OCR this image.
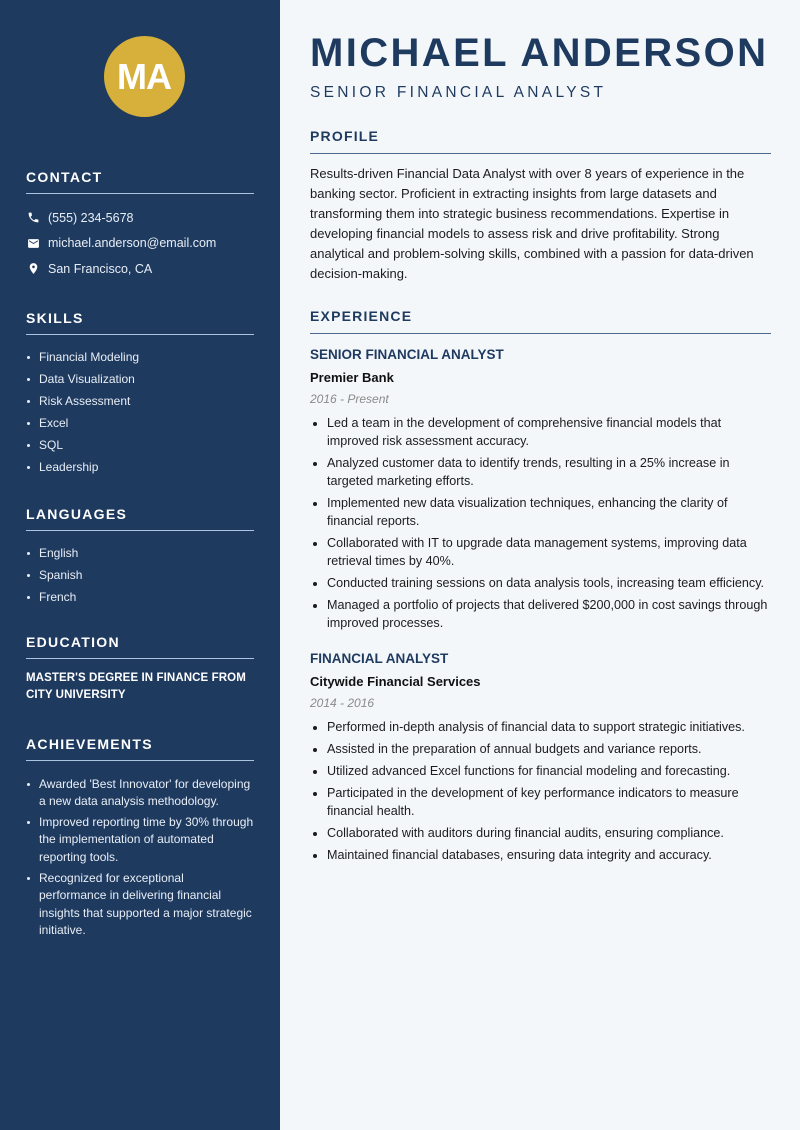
MA
CONTACT
(555) 234-5678
michael.anderson@email.com
San Francisco, CA
SKILLS
Financial Modeling
Data Visualization
Risk Assessment
Excel
SQL
Leadership
LANGUAGES
English
Spanish
French
EDUCATION

MASTER'S DEGREE IN FINANCE FROM CITY UNIVERSITY

ACHIEVEMENTS
Awarded 'Best Innovator' for developing a new data analysis methodology.
Improved reporting time by 30% through the implementation of automated reporting tools.
Recognized for exceptional performance in delivering financial insights that supported a major strategic initiative.
MICHAEL ANDERSON
SENIOR FINANCIAL ANALYST
PROFILE

Results-driven Financial Data Analyst with over 8 years of experience in the banking sector. Proficient in extracting insights from large datasets and transforming them into strategic business recommendations. Expertise in developing financial models to assess risk and drive profitability. Strong analytical and problem-solving skills, combined with a passion for data-driven decision-making.

EXPERIENCE
SENIOR FINANCIAL ANALYST
Premier Bank
2016 - Present
Led a team in the development of comprehensive financial models that improved risk assessment accuracy.
Analyzed customer data to identify trends, resulting in a 25% increase in targeted marketing efforts.
Implemented new data visualization techniques, enhancing the clarity of financial reports.
Collaborated with IT to upgrade data management systems, improving data retrieval times by 40%.
Conducted training sessions on data analysis tools, increasing team efficiency.
Managed a portfolio of projects that delivered $200,000 in cost savings through improved processes.
FINANCIAL ANALYST
Citywide Financial Services
2014 - 2016
Performed in-depth analysis of financial data to support strategic initiatives.
Assisted in the preparation of annual budgets and variance reports.
Utilized advanced Excel functions for financial modeling and forecasting.
Participated in the development of key performance indicators to measure financial health.
Collaborated with auditors during financial audits, ensuring compliance.
Maintained financial databases, ensuring data integrity and accuracy.
